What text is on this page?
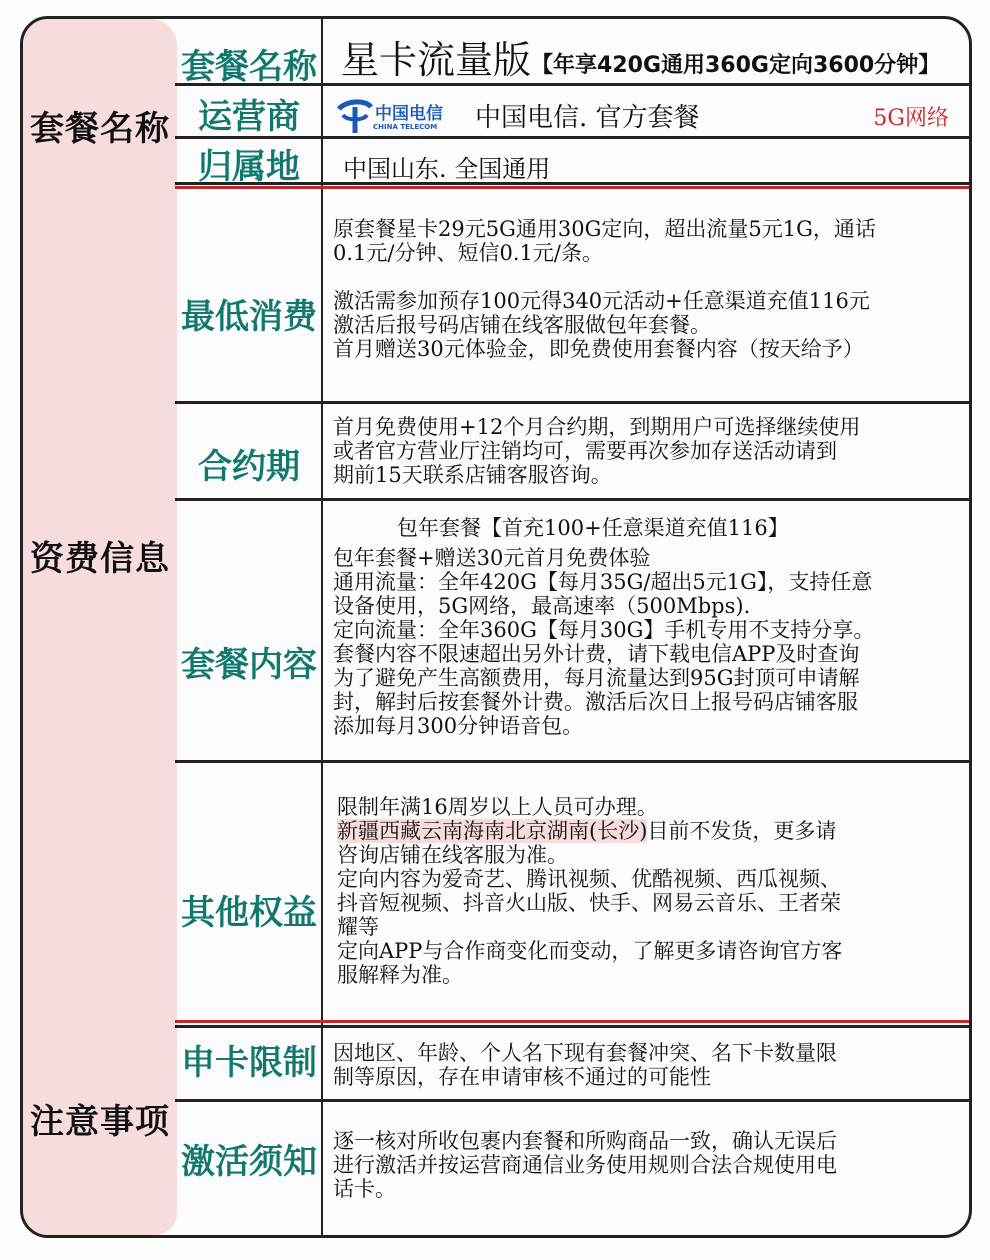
套餐名称
资费信息
注意事项
套餐名称
运营商
归属地
最低消费
合约期
套餐内容
其他权益
申卡限制
激活须知
星卡流量版【年享420G通用360G定向3600分钟】
中国电信
CHINA TELECOM 中国电信. 官方套餐	5G网络
中国山东. 全国通用
原套餐星卡29元5G通用30G定向，超出流量5元1G，通话
0.1元/分钟、短信0.1元/条。
激活需参加预存100元得340元活动+任意渠道充值116元
激活后报号码店铺在线客服做包年套餐。
首月赠送30元体验金，即免费使用套餐内容（按天给予）
首月免费使用+12个月合约期，到期用户可选择继续使用
或者官方营业厅注销均可，需要再次参加存送活动请到
期前15天联系店铺客服咨询。
包年套餐【首充100+任意渠道充值116】
包年套餐+赠送30元首月免费体验
通用流量：全年420G【每月35G/超出5元1G】，支持任意
设备使用，5G网络，最高速率（500Mbps).
定向流量：全年360G【每月30G】手机专用不支持分享。
套餐内容不限速超出另外计费，请下载电信APP及时查询
为了避免产生高额费用，每月流量达到95G封顶可申请解
封，解封后按套餐外计费。激活后次日上报号码店铺客服
添加每月300分钟语音包。
限制年满16周岁以上人员可办理。
新疆西藏云南海南北京湖南(长沙)目前不发货，更多请
咨询店铺在线客服为准。
定向内容为爱奇艺、腾讯视频、优酷视频、西瓜视频、
抖音短视频、抖音火山版、快手、网易云音乐、王者荣
耀等
定向APP与合作商变化而变动，了解更多请咨询官方客
服解释为准。
因地区、年龄、个人名下现有套餐冲突、名下卡数量限
制等原因，存在申请审核不通过的可能性
逐一核对所收包裹内套餐和所购商品一致，确认无误后
进行激活并按运营商通信业务使用规则合法合规使用电
话卡。
